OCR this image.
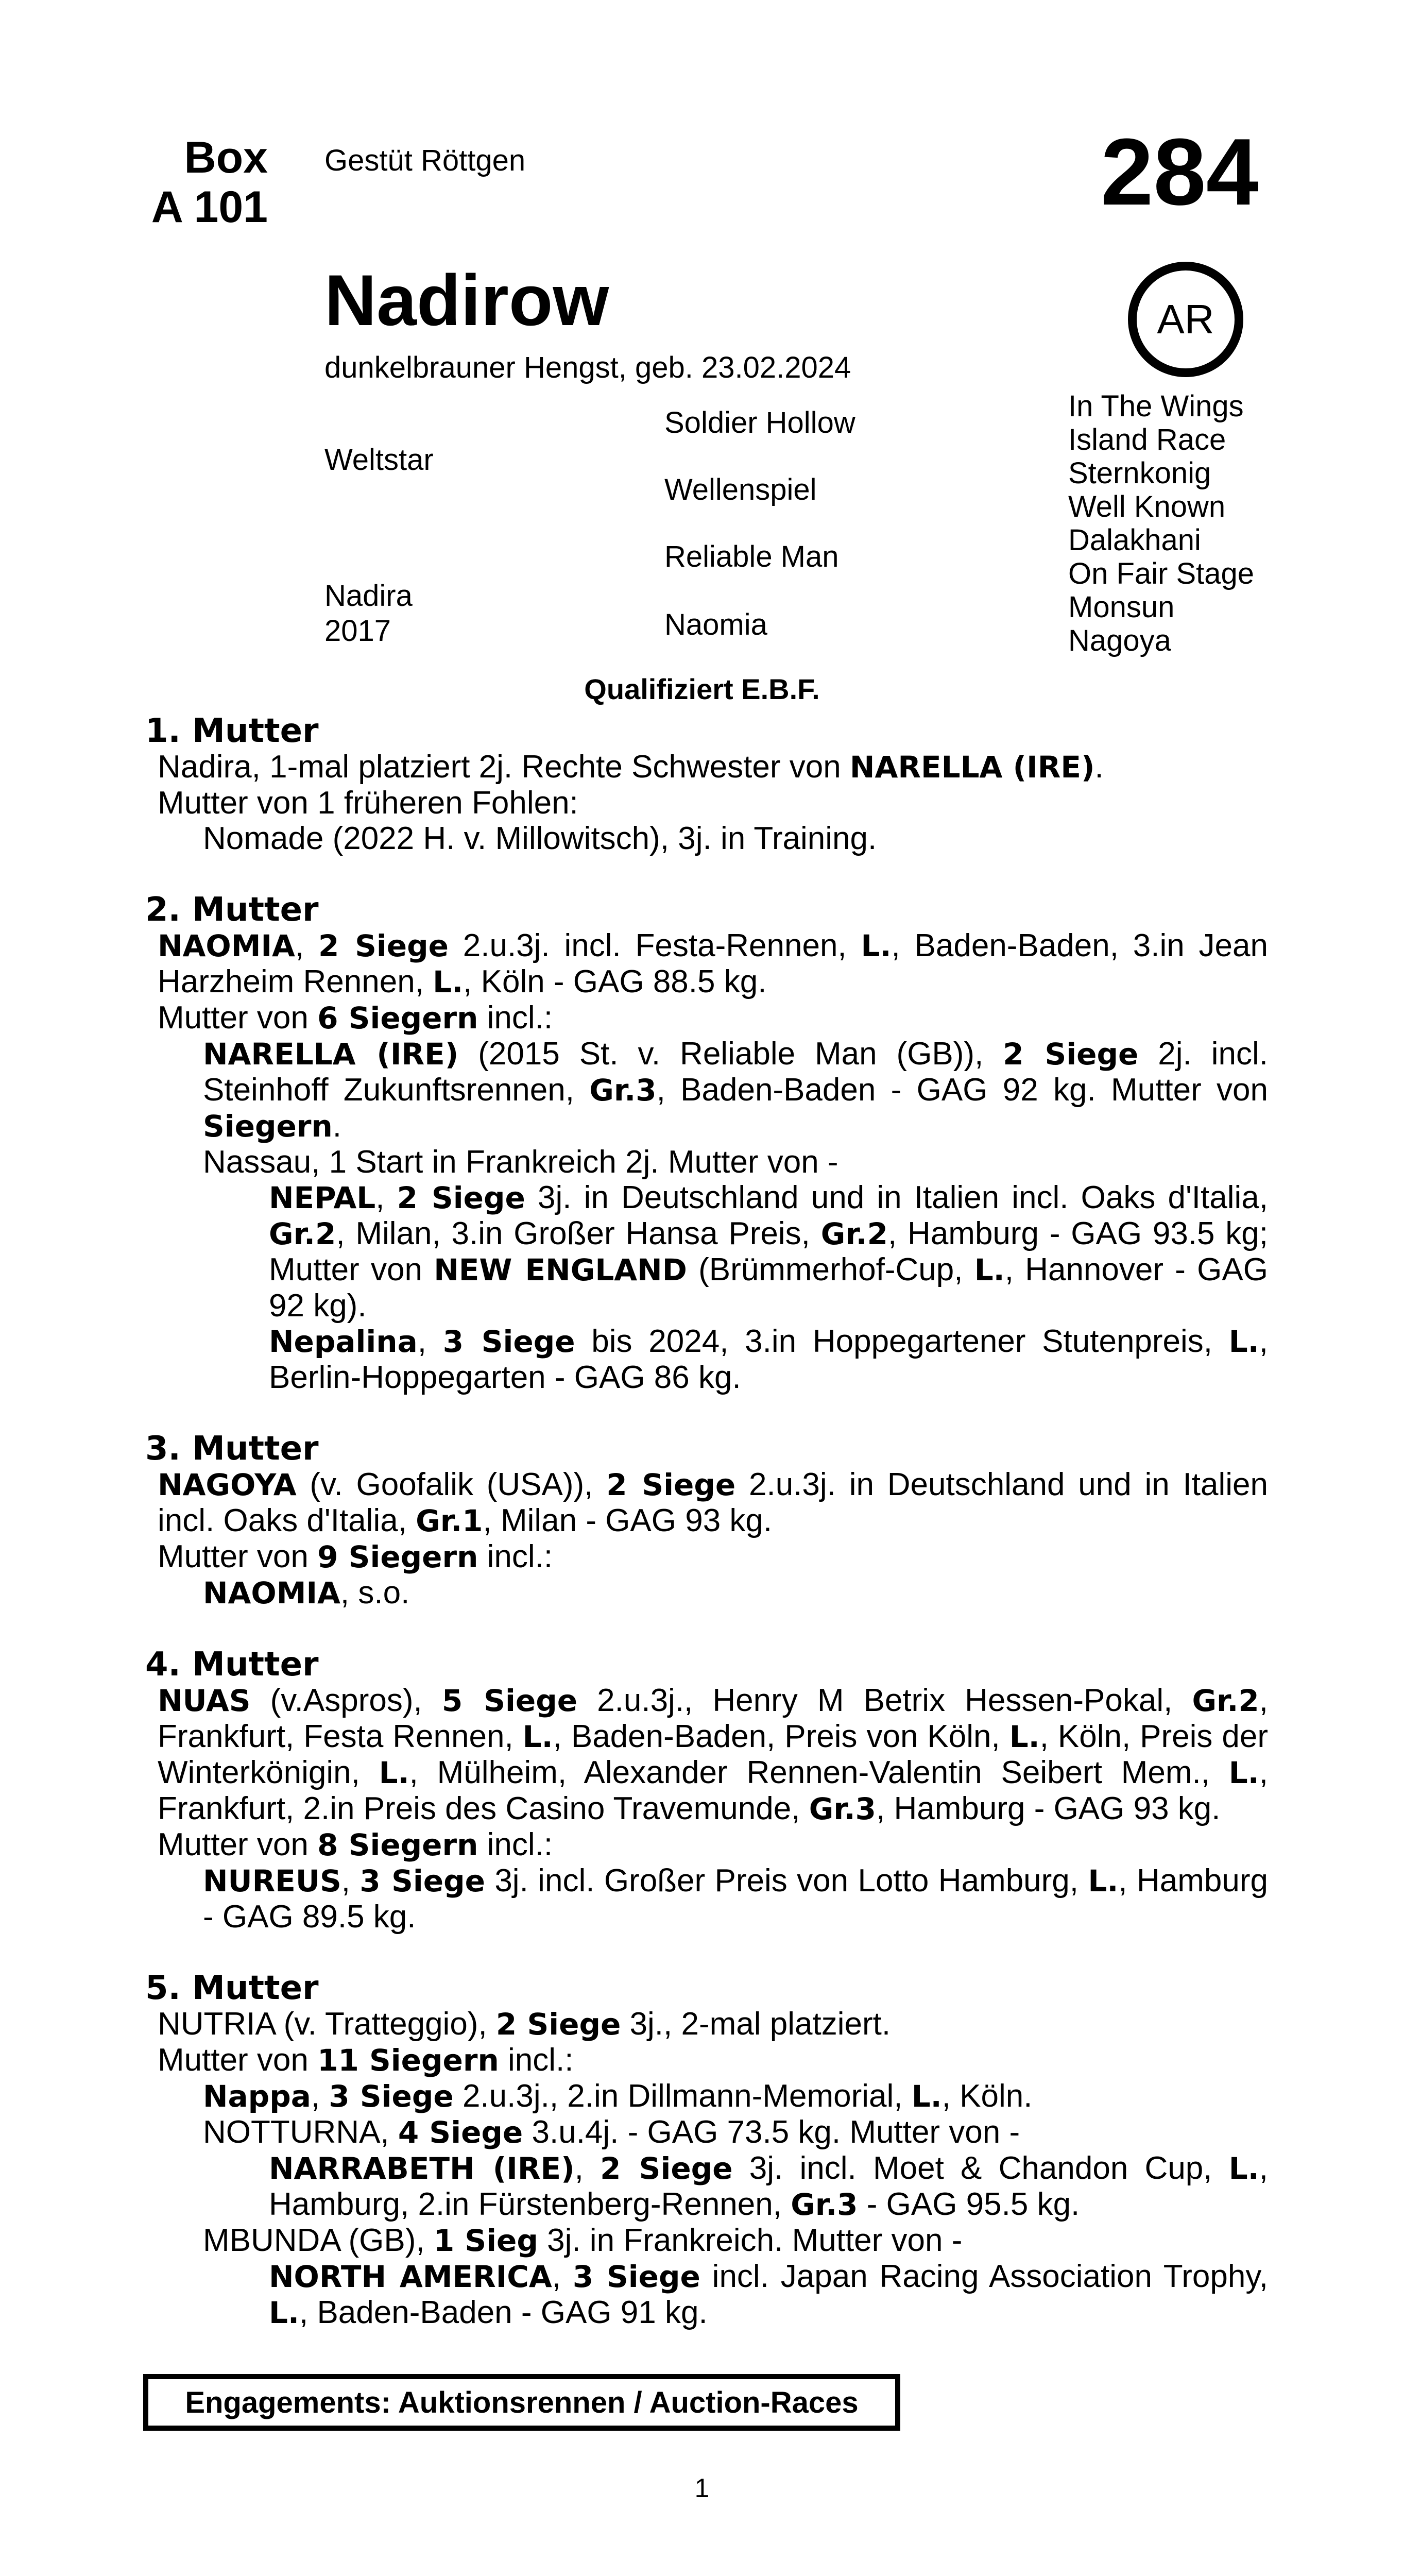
Box
A 101
Gestüt Röttgen	284
AR
Nadirow
dunkelbrauner Hengst, geb. 23.02.2024
Weltstar
Nadira
2017
Soldier Hollow
Wellenspiel
Reliable Man
Naomia
In The Wings
Island Race
Sternkonig
Well Known
Dalakhani
On Fair Stage
Monsun
Nagoya
Qualifiziert E.B.F.
1. Mutter
Nadira, 1-mal platziert 2j. Rechte Schwester von NARELLA (IRE).
Mutter von 1 früheren Fohlen:
Nomade (2022 H. v. Millowitsch), 3j. in Training.
2. Mutter
NAOMIA, 2 Siege 2.u.3j. incl. Festa-Rennen, L., Baden-Baden, 3.in Jean Harzheim Rennen, L., Köln - GAG 88.5 kg.
Mutter von 6 Siegern incl.:
NARELLA (IRE) (2015 St. v. Reliable Man (GB)), 2 Siege 2j. incl. Steinhoff Zukunftsrennen, Gr.3, Baden-Baden - GAG 92 kg. Mutter von Siegern.
Nassau, 1 Start in Frankreich 2j. Mutter von -
NEPAL, 2 Siege 3j. in Deutschland und in Italien incl. Oaks d'Italia, Gr.2, Milan, 3.in Großer Hansa Preis, Gr.2, Hamburg - GAG 93.5 kg; Mutter von NEW ENGLAND (Brümmerhof-Cup, L., Hannover - GAG 92 kg).
Nepalina, 3 Siege bis 2024, 3.in Hoppegartener Stutenpreis, L., Berlin-Hoppegarten - GAG 86 kg.
3. Mutter
NAGOYA (v. Goofalik (USA)), 2 Siege 2.u.3j. in Deutschland und in Italien incl. Oaks d'Italia, Gr.1, Milan - GAG 93 kg.
Mutter von 9 Siegern incl.:
NAOMIA, s.o.
4. Mutter
NUAS (v.Aspros), 5 Siege 2.u.3j., Henry M Betrix Hessen-Pokal, Gr.2, Frankfurt, Festa Rennen, L., Baden-Baden, Preis von Köln, L., Köln, Preis der Winterkönigin, L., Mülheim, Alexander Rennen-Valentin Seibert Mem., L., Frankfurt, 2.in Preis des Casino Travemunde, Gr.3, Hamburg - GAG 93 kg.
Mutter von 8 Siegern incl.:
NUREUS, 3 Siege 3j. incl. Großer Preis von Lotto Hamburg, L., Hamburg - GAG 89.5 kg.
5. Mutter
NUTRIA (v. Tratteggio), 2 Siege 3j., 2-mal platziert.
Mutter von 11 Siegern incl.:
Nappa, 3 Siege 2.u.3j., 2.in Dillmann-Memorial, L., Köln.
NOTTURNA, 4 Siege 3.u.4j. - GAG 73.5 kg. Mutter von -
NARRABETH (IRE), 2 Siege 3j. incl. Moet & Chandon Cup, L., Hamburg, 2.in Fürstenberg-Rennen, Gr.3 - GAG 95.5 kg.
MBUNDA (GB), 1 Sieg 3j. in Frankreich. Mutter von -
NORTH AMERICA, 3 Siege incl. Japan Racing Association Trophy, L., Baden-Baden - GAG 91 kg.
Engagements: Auktionsrennen / Auction-Races
1
